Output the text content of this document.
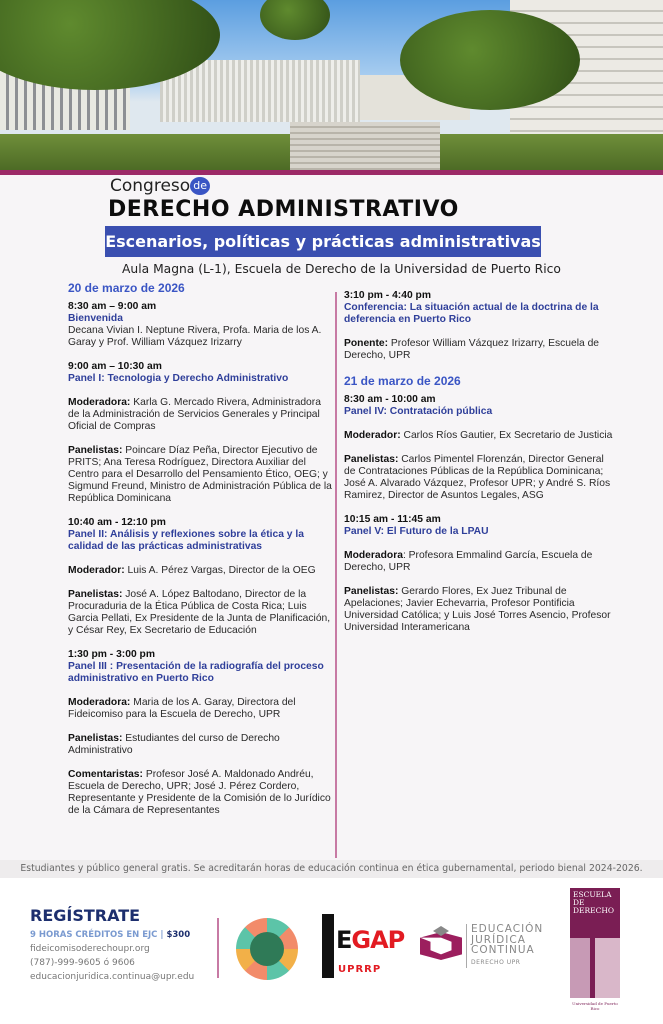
Congreso de
DERECHO ADMINISTRATIVO
Escenarios, políticas y prácticas administrativas
Aula Magna (L-1), Escuela de Derecho de la Universidad de Puerto Rico
20 de marzo de 2026
8:30 am – 9:00 am
Bienvenida
Decana Vivian I. Neptune Rivera, Profa. Maria de los A. Garay y Prof. William Vázquez Irizarry
9:00 am – 10:30 am
Panel I: Tecnologia y Derecho Administrativo
Moderadora: Karla G. Mercado Rivera, Administradora de la Administración de Servicios Generales y Principal Oficial de Compras
Panelistas: Poincare Díaz Peña, Director Ejecutivo de PRITS; Ana Teresa Rodríguez, Directora Auxiliar del Centro para el Desarrollo del Pensamiento Ético, OEG; y Sigmund Freund, Ministro de Administración Pública de la República Dominicana
10:40 am - 12:10 pm
Panel II: Análisis y reflexiones sobre la ética y la calidad de las prácticas administrativas
Moderador: Luis A. Pérez Vargas, Director de la OEG
Panelistas: José A. López Baltodano, Director de la Procuraduria de la Ética Pública de Costa Rica; Luis Garcia Pellati, Ex Presidente de la Junta de Planificación, y César Rey, Ex Secretario de Educación
1:30 pm - 3:00 pm
Panel III : Presentación de la radiografía del proceso administrativo en Puerto Rico
Moderadora: Maria de los A. Garay, Directora del Fideicomiso para la Escuela de Derecho, UPR
Panelistas: Estudiantes del curso de Derecho Administrativo
Comentaristas: Profesor José A. Maldonado Andréu, Escuela de Derecho, UPR; José J. Pérez Cordero, Representante y Presidente de la Comisión de lo Jurídico de la Cámara de Representantes
3:10 pm - 4:40 pm
Conferencia: La situación actual de la doctrina de la deferencia en Puerto Rico
Ponente: Profesor William Vázquez Irizarry, Escuela de Derecho, UPR
21 de marzo de 2026
8:30 am - 10:00 am
Panel IV: Contratación pública
Moderador: Carlos Ríos Gautier, Ex Secretario de Justicia
Panelistas: Carlos Pimentel Florenzán, Director General de Contrataciones Públicas de la República Dominicana; José A. Alvarado Vázquez, Profesor UPR; y André S. Ríos Ramirez, Director de Asuntos Legales, ASG
10:15 am - 11:45 am
Panel V: El Futuro de la LPAU
Moderadora: Profesora Emmalind García, Escuela de Derecho, UPR
Panelistas: Gerardo Flores, Ex Juez Tribunal de Apelaciones; Javier Echevarria, Profesor Pontificia Universidad Católica; y Luis José Torres Asencio, Profesor Universidad Interamericana
Estudiantes y público general gratis. Se acreditarán horas de educación continua en ética gubernamental, periodo bienal 2024-2026.
REGÍSTRATE
9 HORAS CRÉDITOS EN EJC | $300
fideicomisoderechoupr.org
(787)-999-9605 ó 9606
educacionjuridica.continua@upr.edu
EGAP
UPRRP
EDUCACIÓN
JURÍDICA
CONTINUA
DERECHO UPR
ESCUELA DE
DERECHO
Universidad de Puerto Rico
